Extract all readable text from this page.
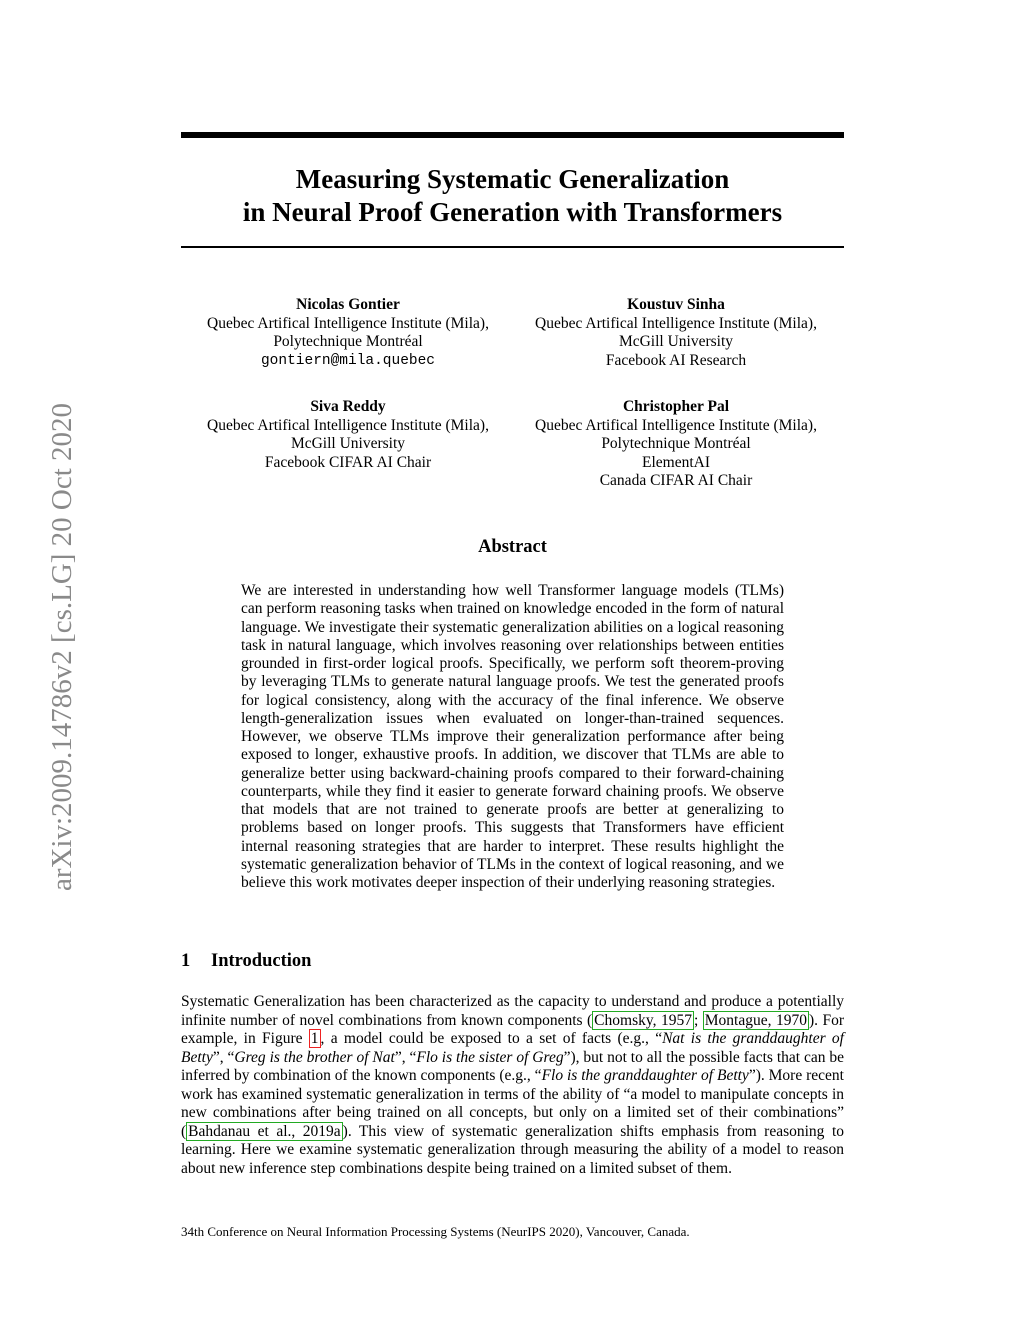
arXiv:2009.14786v2 [cs.LG] 20 Oct 2020
Measuring Systematic Generalization
in Neural Proof Generation with Transformers
Nicolas Gontier
Quebec Artifical Intelligence Institute (Mila),
Polytechnique Montréal
gontiern@mila.quebec
Koustuv Sinha
Quebec Artifical Intelligence Institute (Mila),
McGill University
Facebook AI Research
Siva Reddy
Quebec Artifical Intelligence Institute (Mila),
McGill University
Facebook CIFAR AI Chair
Christopher Pal
Quebec Artifical Intelligence Institute (Mila),
Polytechnique Montréal
ElementAI
Canada CIFAR AI Chair
Abstract
We are interested in understanding how well Transformer language models (TLMs) can perform reasoning tasks when trained on knowledge encoded in the form of natural language. We investigate their systematic generalization abilities on a logical reasoning task in natural language, which involves reasoning over relationships between entities grounded in first-order logical proofs. Specifically, we perform soft theorem-proving by leveraging TLMs to generate natural language proofs. We test the generated proofs for logical consistency, along with the accuracy of the final inference. We observe length-generalization issues when evaluated on longer-than-trained sequences. However, we observe TLMs improve their generalization performance after being exposed to longer, exhaustive proofs. In addition, we discover that TLMs are able to generalize better using backward-chaining proofs compared to their forward-chaining counterparts, while they find it easier to generate forward chaining proofs. We observe that models that are not trained to generate proofs are better at generalizing to problems based on longer proofs. This suggests that Transformers have efficient internal reasoning strategies that are harder to interpret. These results highlight the systematic generalization behavior of TLMs in the context of logical reasoning, and we believe this work motivates deeper inspection of their underlying reasoning strategies.
1 Introduction
Systematic Generalization has been characterized as the capacity to understand and produce a potentially infinite number of novel combinations from known components ( Chomsky, 1957 ; Montague, 1970 ). For example, in Figure 1 , a model could be exposed to a set of facts (e.g., “Nat is the granddaughter of Betty”, “Greg is the brother of Nat”, “Flo is the sister of Greg”), but not to all the possible facts that can be inferred by combination of the known components (e.g., “Flo is the granddaughter of Betty”). More recent work has examined systematic generalization in terms of the ability of “a model to manipulate concepts in new combinations after being trained on all concepts, but only on a limited set of their combinations” ( Bahdanau et al., 2019a ). This view of systematic generalization shifts emphasis from reasoning to learning. Here we examine systematic generalization through measuring the ability of a model to reason about new inference step combinations despite being trained on a limited subset of them.
34th Conference on Neural Information Processing Systems (NeurIPS 2020), Vancouver, Canada.
